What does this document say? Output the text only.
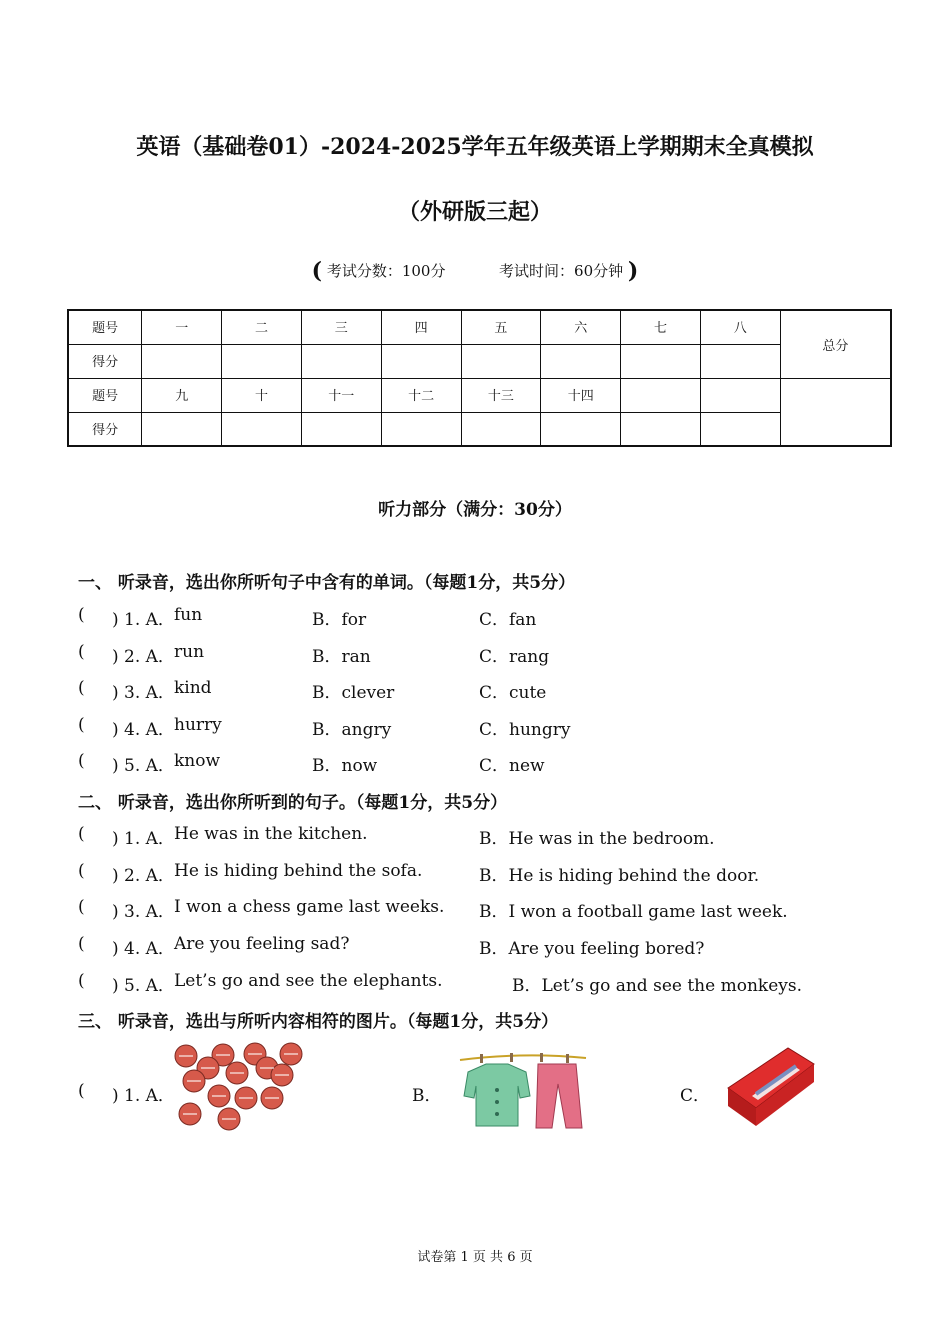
英语（基础卷01）-2024-2025学年五年级英语上学期期末全真模拟
（外研版三起）
( 考试分数：100分	考试时间：60分钟 )
题号	一	二	三	四	五	六	七	八	总分
得分									
题号	九	十	十一	十二	十三	十四			
得分									
听力部分（满分：30分）
一、 听录音，选出你所听句子中含有的单词。（每题1分，共5分）
( ) 1. A． fun	B．for	C．fan
( ) 2. A． run	B．ran	C．rang
( ) 3. A． kind	B．clever	C．cute
( ) 4. A． hurry	B．angry	C．hungry
( ) 5. A． know	B．now	C．new
二、 听录音，选出你所听到的句子。（每题1分，共5分）
( ) 1. A． He was in the kitchen.	B．He was in the bedroom.
( ) 2. A． He is hiding behind the sofa.	B．He is hiding behind the door.
( ) 3. A． I won a chess game last weeks. B．I won a football game last week.
( ) 4. A． Are you feeling sad?	B．Are you feeling bored?
( ) 5. A． Let’s go and see the elephants.	B．Let’s go and see the monkeys.
三、 听录音，选出与所听内容相符的图片。（每题1分，共5分）
( ) 1. A．	B．	C．
试卷第 1 页 共 6 页
